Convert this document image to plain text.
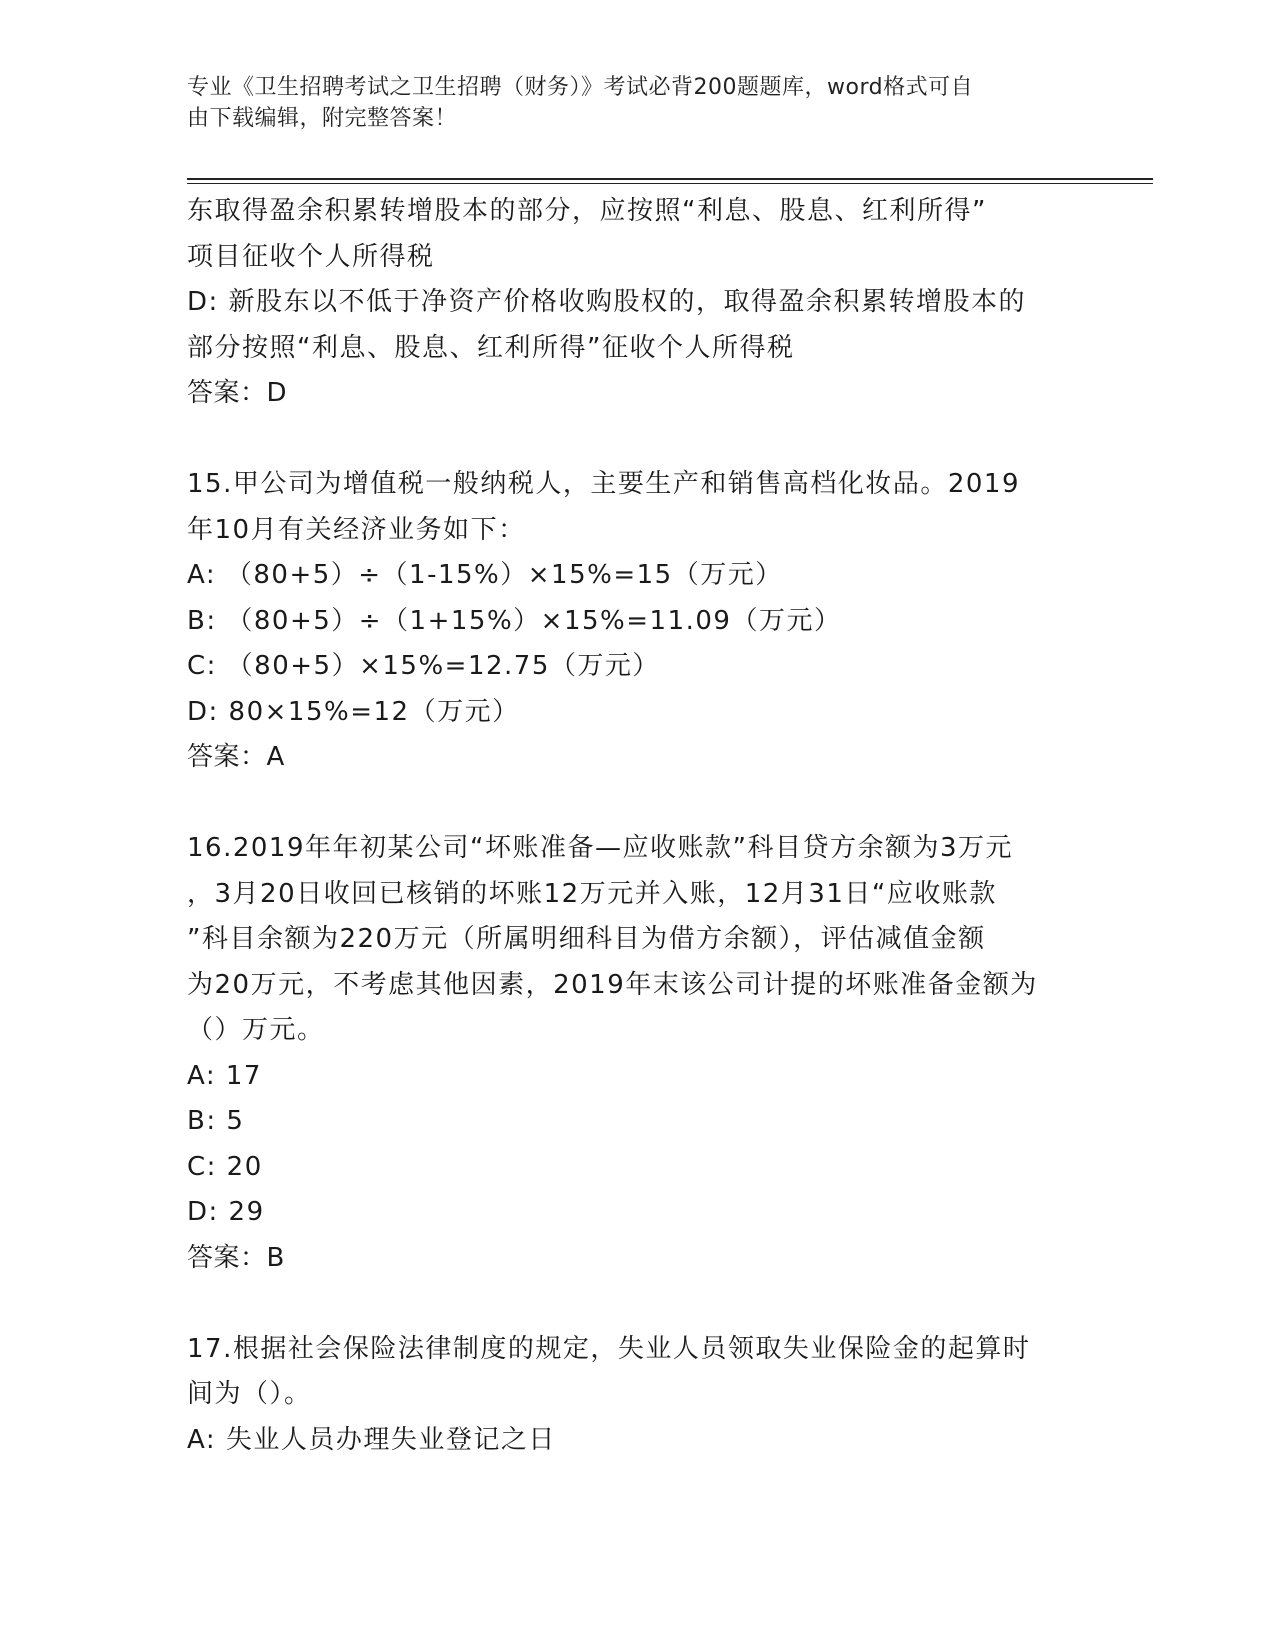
专业《卫生招聘考试之卫生招聘（财务）》考试必背200题题库，word格式可自
由下载编辑，附完整答案！
东取得盈余积累转增股本的部分，应按照“利息、股息、红利所得”
项目征收个人所得税
D: 新股东以不低于净资产价格收购股权的，取得盈余积累转增股本的
部分按照“利息、股息、红利所得”征收个人所得税
答案：D
15.甲公司为增值税一般纳税人，主要生产和销售高档化妆品。2019
年10月有关经济业务如下：
A: （80+5）÷（1-15%）×15%=15（万元）
B: （80+5）÷（1+15%）×15%=11.09（万元）
C: （80+5）×15%=12.75（万元）
D: 80×15%=12（万元）
答案：A
16.2019年年初某公司“坏账准备—应收账款”科目贷方余额为3万元
，3月20日收回已核销的坏账12万元并入账，12月31日“应收账款
”科目余额为220万元（所属明细科目为借方余额），评估减值金额
为20万元，不考虑其他因素，2019年末该公司计提的坏账准备金额为
（）万元。
A: 17
B: 5
C: 20
D: 29
答案：B
17.根据社会保险法律制度的规定，失业人员领取失业保险金的起算时
间为（）。
A: 失业人员办理失业登记之日
